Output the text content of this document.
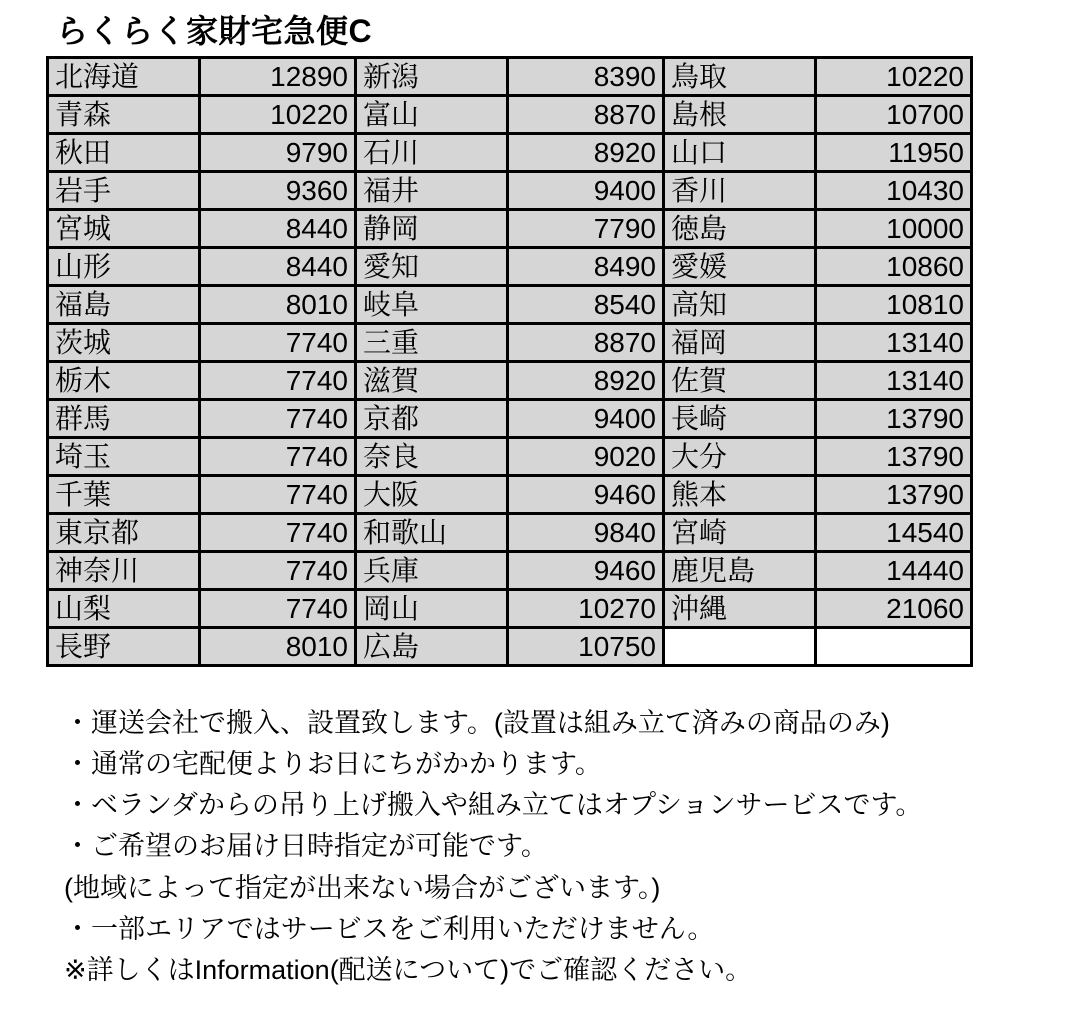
らくらく家財宅急便C
北海道	12890	新潟	8390	鳥取	10220
青森	10220	富山	8870	島根	10700
秋田	9790	石川	8920	山口	11950
岩手	9360	福井	9400	香川	10430
宮城	8440	静岡	7790	徳島	10000
山形	8440	愛知	8490	愛媛	10860
福島	8010	岐阜	8540	高知	10810
茨城	7740	三重	8870	福岡	13140
栃木	7740	滋賀	8920	佐賀	13140
群馬	7740	京都	9400	長崎	13790
埼玉	7740	奈良	9020	大分	13790
千葉	7740	大阪	9460	熊本	13790
東京都	7740	和歌山	9840	宮崎	14540
神奈川	7740	兵庫	9460	鹿児島	14440
山梨	7740	岡山	10270	沖縄	21060
長野	8010	広島	10750		
・運送会社で搬入、設置致します。(設置は組み立て済みの商品のみ)
・通常の宅配便よりお日にちがかかります。
・ベランダからの吊り上げ搬入や組み立てはオプションサービスです。
・ご希望のお届け日時指定が可能です。
(地域によって指定が出来ない場合がございます。)
・一部エリアではサービスをご利用いただけません。
※詳しくはInformation(配送について)でご確認ください。
